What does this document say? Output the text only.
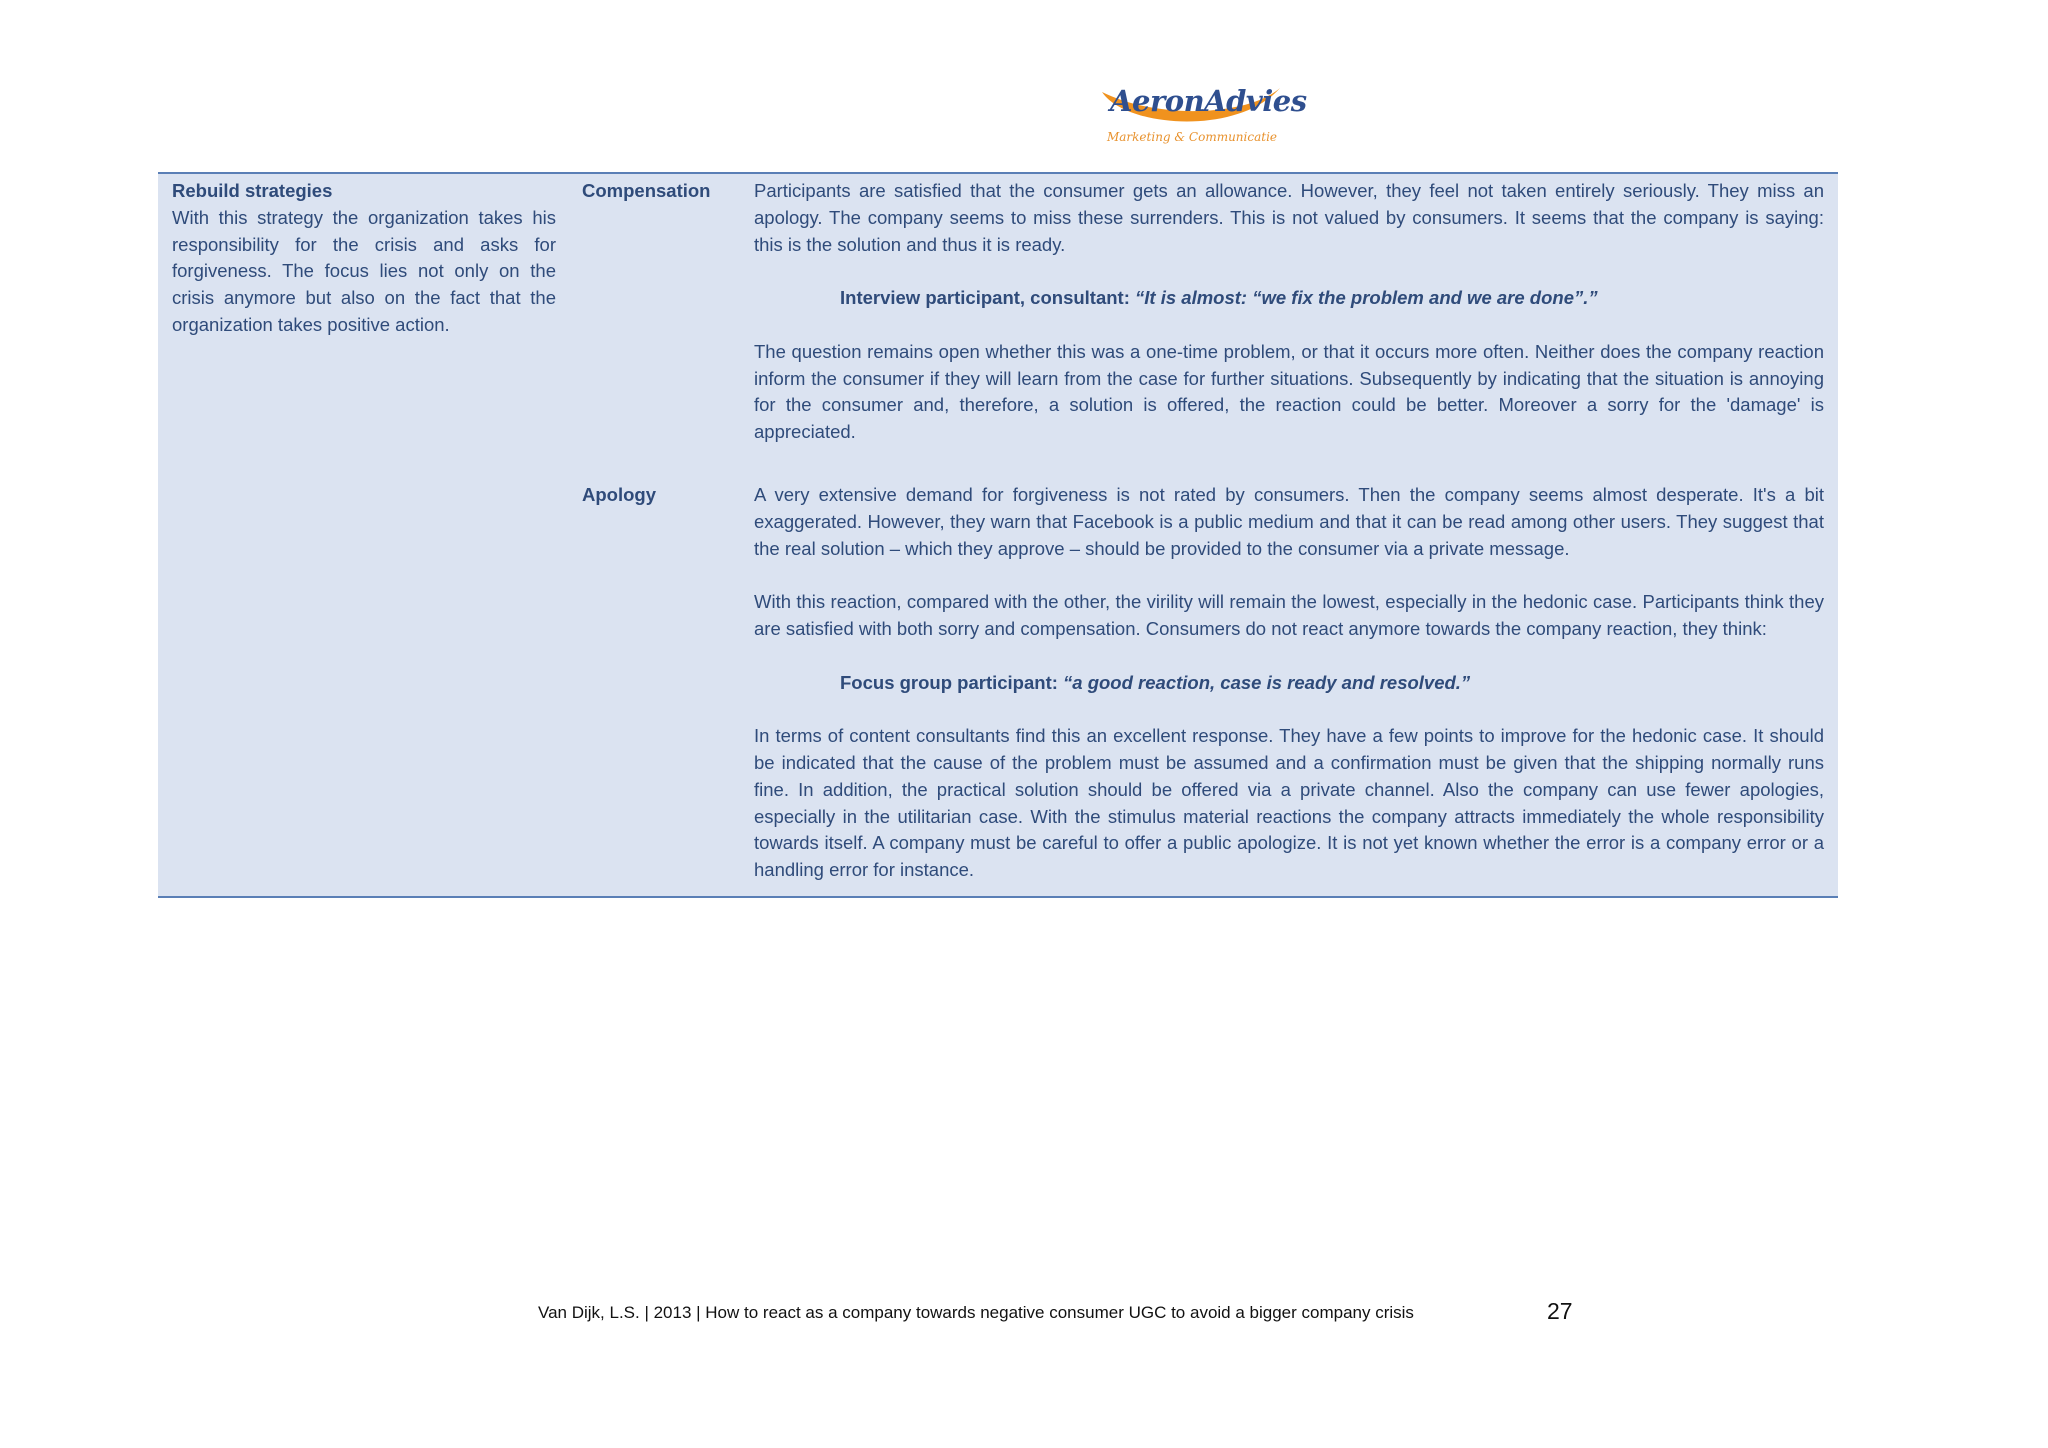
AeronAdvies
Marketing & Communicatie
Rebuild strategies

With this strategy the organization takes his responsibility for the crisis and asks for forgiveness. The focus lies not only on the crisis anymore but also on the fact that the organization takes positive action.

Compensation Participants are satisfied that the consumer gets an allowance. However, they feel not taken entirely seriously. They miss an apology. The company seems to miss these surrenders. This is not valued by consumers. It seems that the company is saying: this is the solution and thus it is ready.

Interview participant, consultant: “It is almost: “we fix the problem and we are done”.”

The question remains open whether this was a one-time problem, or that it occurs more often. Neither does the company reaction inform the consumer if they will learn from the case for further situations. Subsequently by indicating that the situation is annoying for the consumer and, therefore, a solution is offered, the reaction could be better. Moreover a sorry for the 'damage' is appreciated.

Apology	A very extensive demand for forgiveness is not rated by consumers. Then the company seems almost desperate. It's a bit exaggerated. However, they warn that Facebook is a public medium and that it can be read among other users. They suggest that the real solution – which they approve – should be provided to the consumer via a private message.

With this reaction, compared with the other, the virility will remain the lowest, especially in the hedonic case. Participants think they are satisfied with both sorry and compensation. Consumers do not react anymore towards the company reaction, they think:

Focus group participant: “a good reaction, case is ready and resolved.”

In terms of content consultants find this an excellent response. They have a few points to improve for the hedonic case. It should be indicated that the cause of the problem must be assumed and a confirmation must be given that the shipping normally runs fine. In addition, the practical solution should be offered via a private channel. Also the company can use fewer apologies, especially in the utilitarian case. With the stimulus material reactions the company attracts immediately the whole responsibility towards itself. A company must be careful to offer a public apologize. It is not yet known whether the error is a company error or a handling error for instance.

Van Dijk, L.S. | 2013 | How to react as a company towards negative consumer UGC to avoid a bigger company crisis	27
